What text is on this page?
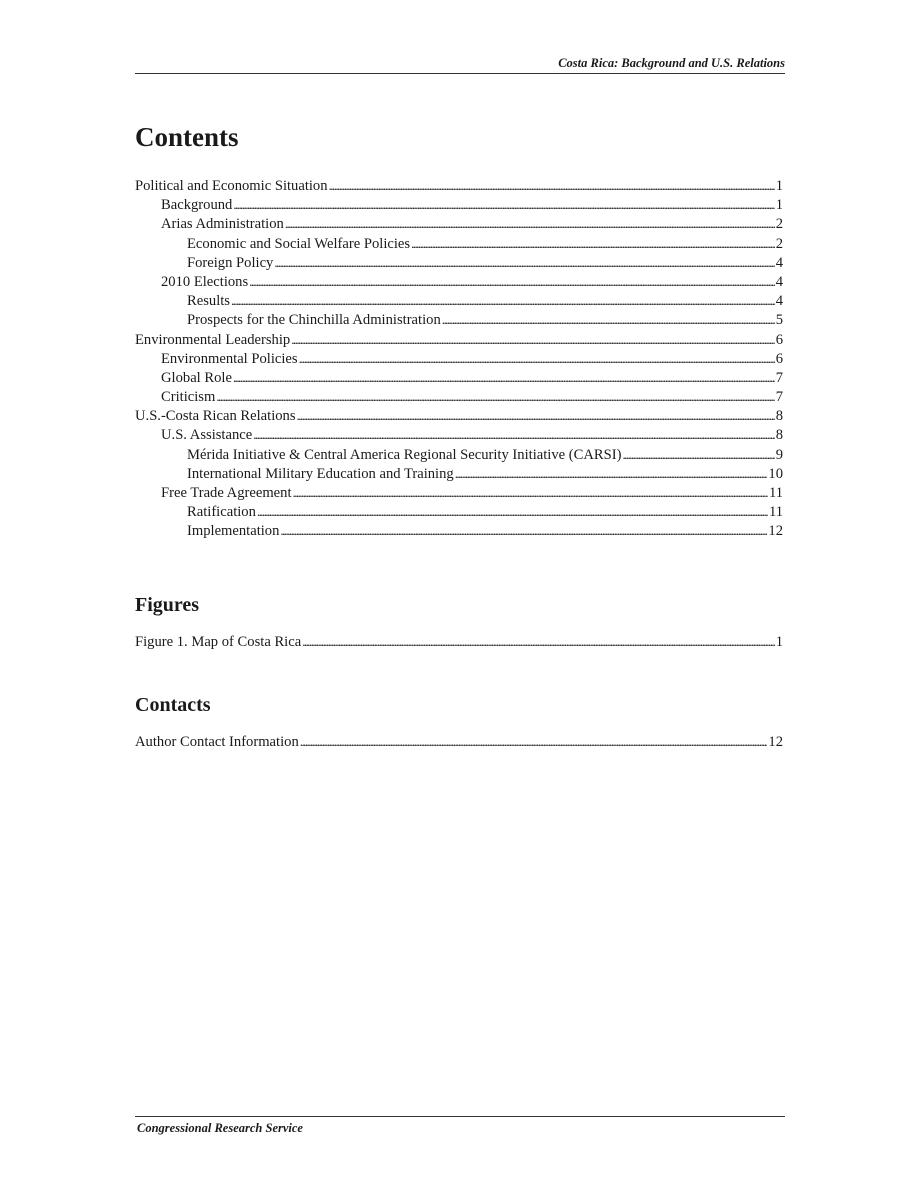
Costa Rica: Background and U.S. Relations
Contents
Political and Economic Situation . . .	1
Background . . .	1
Arias Administration . . .	2
Economic and Social Welfare Policies . . .	2
Foreign Policy . . .	4
2010 Elections . . .	4
Results . . .	4
Prospects for the Chinchilla Administration . . .	5
Environmental Leadership . . .	6
Environmental Policies . . .	6
Global Role . . .	7
Criticism . . .	7
U.S.-Costa Rican Relations . . .	8
U.S. Assistance . . .	8
Mérida Initiative & Central America Regional Security Initiative (CARSI) . . .	9
International Military Education and Training . . .	10
Free Trade Agreement . . .	11
Ratification . . .	11
Implementation . . .	12
Figures
Figure 1. Map of Costa Rica . . .	1
Contacts
Author Contact Information . . .	12
Congressional Research Service
